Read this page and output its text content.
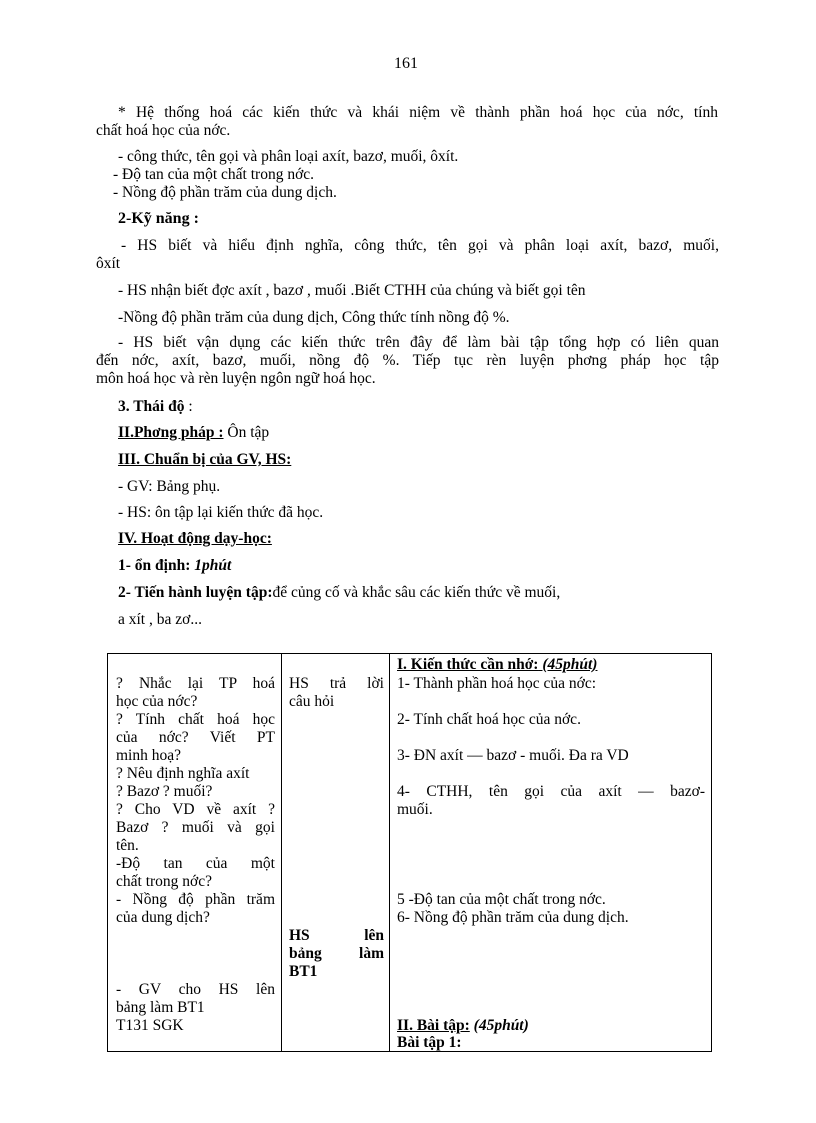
161
* Hệ thống hoá các kiến thức và khái niệm về thành phần hoá học của nớc, tính
chất hoá học của nớc.
- công thức, tên gọi và phân loại axít, bazơ, muối, ôxít.
- Độ tan của một chất trong nớc.
- Nồng độ phần trăm của dung dịch.
2-Kỹ năng :
- HS biết và hiểu định nghĩa, công thức, tên gọi và phân loại axít, bazơ, muối,
ôxít
- HS nhận biết đợc axít , bazơ , muối .Biết CTHH của chúng và biết gọi tên
-Nồng độ phần trăm của dung dịch, Công thức tính nồng độ %.
- HS biết vận dụng các kiến thức trên đây để làm bài tập tổng hợp có liên quan
đến nớc, axít, bazơ, muối, nồng độ %. Tiếp tục rèn luyện phơng pháp học tập
môn hoá học và rèn luyện ngôn ngữ hoá học.
3. Thái độ :
II.Phơng pháp : Ôn tập
III. Chuẩn bị của GV, HS:
- GV: Bảng phụ.
- HS: ôn tập lại kiến thức đã học.
IV. Hoạt động dạy-học:
1- ổn định: 1phút
2- Tiến hành luyện tập:để củng cố và khắc sâu các kiến thức về muối,
a xít , ba zơ...
? Nhắc lại TP hoá
học của nớc?
? Tính chất hoá học
của nớc? Viết PT
minh hoạ?
? Nêu định nghĩa axít
? Bazơ ? muối?
? Cho VD về axít ?
Bazơ ? muối và gọi
tên.
-Độ tan của một
chất trong nớc?
- Nồng độ phần trăm
của dung dịch?
- GV cho HS lên
bảng làm BT1
T131 SGK

HS trả lời
câu hỏi
HS lên
bảng làm
BT1

I. Kiến thức cần nhớ: (45phút)
1- Thành phần hoá học của nớc:
2- Tính chất hoá học của nớc.
3- ĐN axít — bazơ - muối. Đa ra VD
4- CTHH, tên gọi của axít — bazơ-
muối.
5 -Độ tan của một chất trong nớc.
6- Nồng độ phần trăm của dung dịch.
II. Bài tập: (45phút)
Bài tập 1:
